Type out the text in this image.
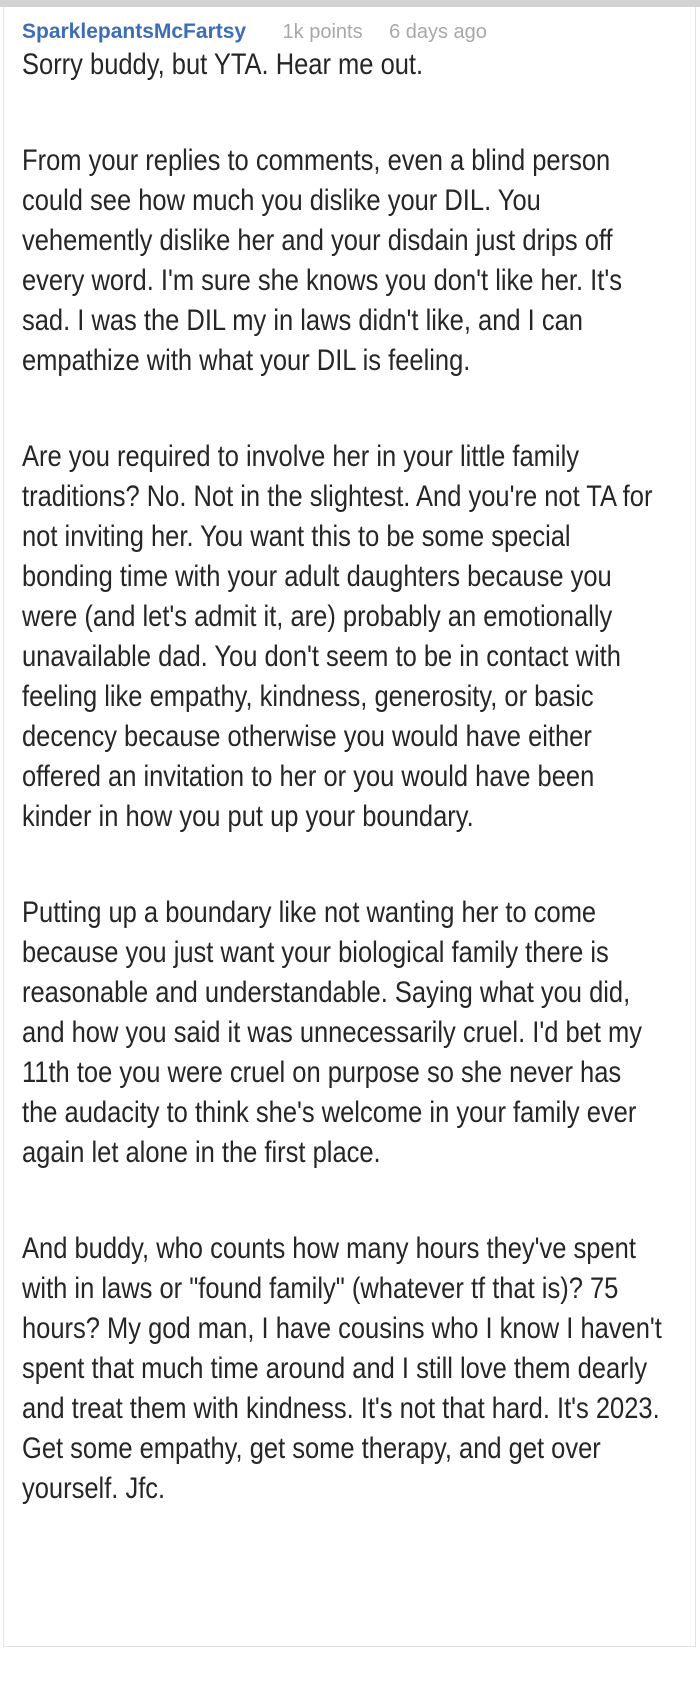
SparklepantsMcFartsy 1k points 6 days ago

Sorry buddy, but YTA. Hear me out.

From your replies to comments, even a blind person could see how much you dislike your DIL. You vehemently dislike her and your disdain just drips off every word. I'm sure she knows you don't like her. It's sad. I was the DIL my in laws didn't like, and I can empathize with what your DIL is feeling.

Are you required to involve her in your little family traditions? No. Not in the slightest. And you're not TA for not inviting her. You want this to be some special bonding time with your adult daughters because you were (and let's admit it, are) probably an emotionally unavailable dad. You don't seem to be in contact with feeling like empathy, kindness, generosity, or basic decency because otherwise you would have either offered an invitation to her or you would have been kinder in how you put up your boundary.

Putting up a boundary like not wanting her to come because you just want your biological family there is reasonable and understandable. Saying what you did, and how you said it was unnecessarily cruel. I'd bet my 11th toe you were cruel on purpose so she never has the audacity to think she's welcome in your family ever again let alone in the first place.

And buddy, who counts how many hours they've spent with in laws or "found family" (whatever tf that is)? 75 hours? My god man, I have cousins who I know I haven't spent that much time around and I still love them dearly and treat them with kindness. It's not that hard. It's 2023. Get some empathy, get some therapy, and get over yourself. Jfc.
